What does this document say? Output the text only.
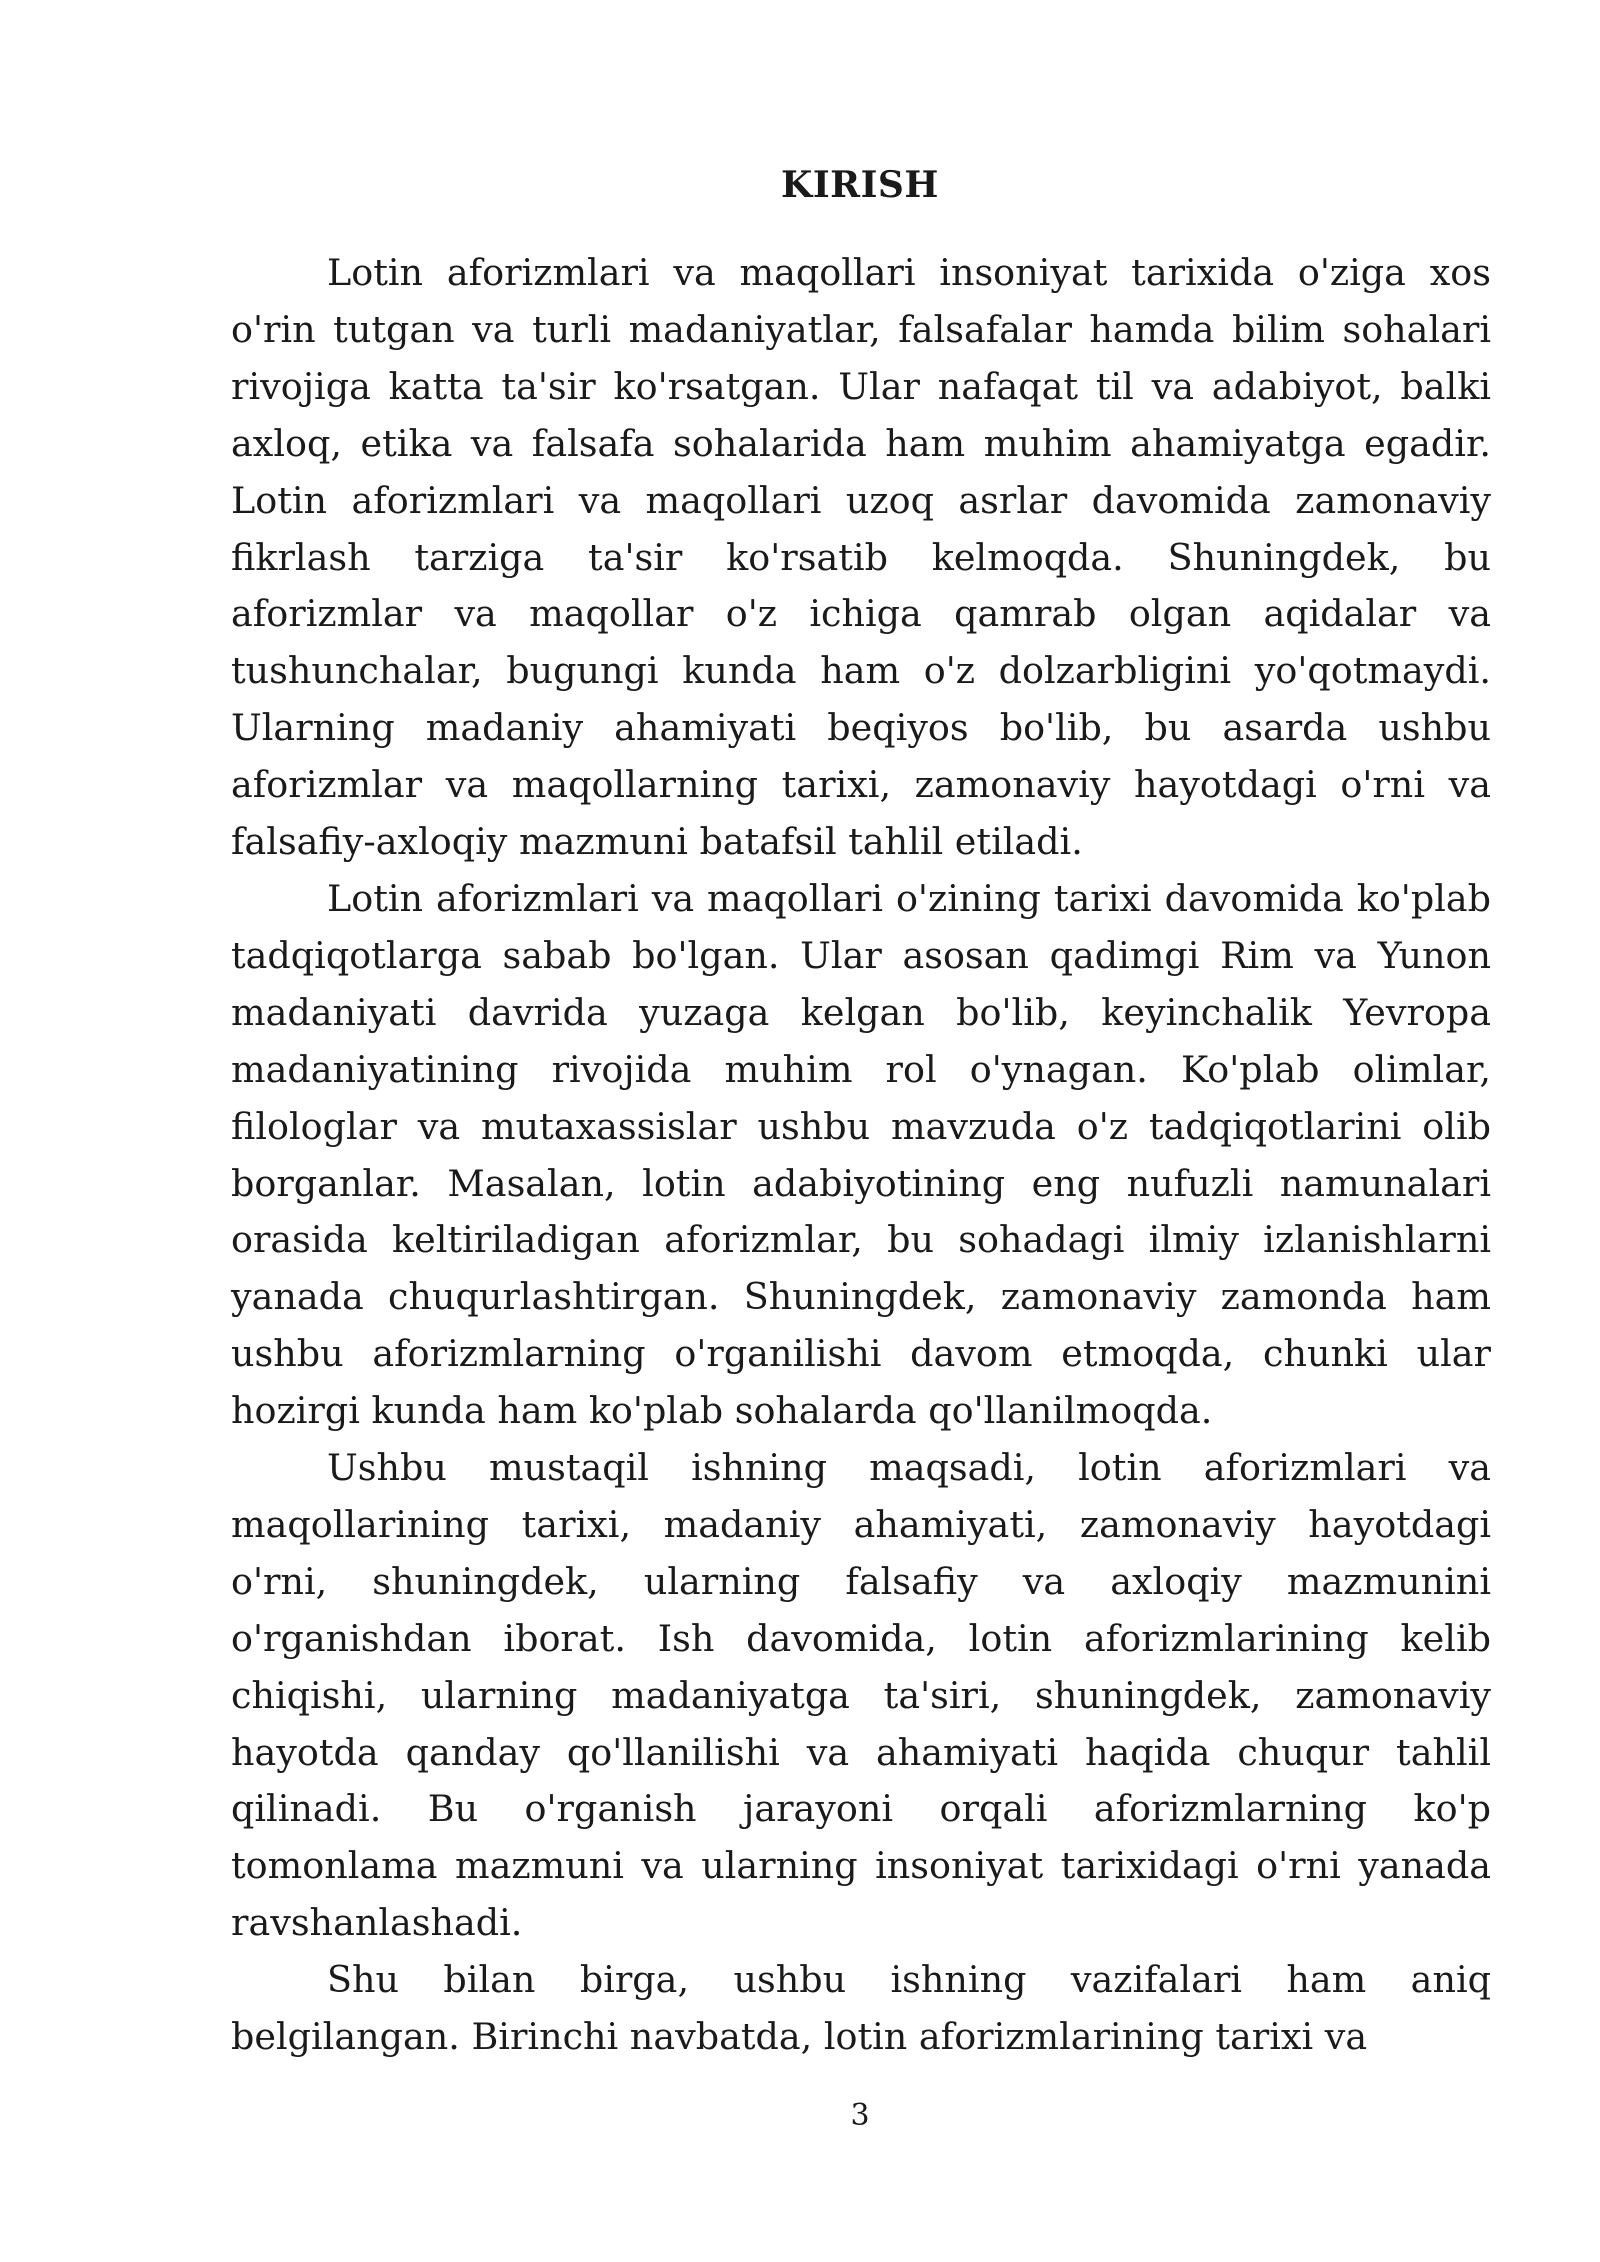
KIRISH

Lotin aforizmlari va maqollari insoniyat tarixida o'ziga xos o'rin tutgan va turli madaniyatlar, falsafalar hamda bilim sohalari rivojiga katta ta'sir ko'rsatgan. Ular nafaqat til va adabiyot, balki axloq, etika va falsafa sohalarida ham muhim ahamiyatga egadir. Lotin aforizmlari va maqollari uzoq asrlar davomida zamonaviy fikrlash tarziga ta'sir ko'rsatib kelmoqda. Shuningdek, bu aforizmlar va maqollar o'z ichiga qamrab olgan aqidalar va tushunchalar, bugungi kunda ham o'z dolzarbligini yo'qotmaydi. Ularning madaniy ahamiyati beqiyos bo'lib, bu asarda ushbu aforizmlar va maqollarning tarixi, zamonaviy hayotdagi o'rni va falsafiy-axloqiy mazmuni batafsil tahlil etiladi.

Lotin aforizmlari va maqollari o'zining tarixi davomida ko'plab tadqiqotlarga sabab bo'lgan. Ular asosan qadimgi Rim va Yunon madaniyati davrida yuzaga kelgan bo'lib, keyinchalik Yevropa madaniyatining rivojida muhim rol o'ynagan. Ko'plab olimlar, filologlar va mutaxassislar ushbu mavzuda o'z tadqiqotlarini olib borganlar. Masalan, lotin adabiyotining eng nufuzli namunalari orasida keltiriladigan aforizmlar, bu sohadagi ilmiy izlanishlarni yanada chuqurlashtirgan. Shuningdek, zamonaviy zamonda ham ushbu aforizmlarning o'rganilishi davom etmoqda, chunki ular hozirgi kunda ham ko'plab sohalarda qo'llanilmoqda.

Ushbu mustaqil ishning maqsadi, lotin aforizmlari va maqollarining tarixi, madaniy ahamiyati, zamonaviy hayotdagi o'rni, shuningdek, ularning falsafiy va axloqiy mazmunini o'rganishdan iborat. Ish davomida, lotin aforizmlarining kelib chiqishi, ularning madaniyatga ta'siri, shuningdek, zamonaviy hayotda qanday qo'llanilishi va ahamiyati haqida chuqur tahlil qilinadi. Bu o'rganish jarayoni orqali aforizmlarning ko'p tomonlama mazmuni va ularning insoniyat tarixidagi o'rni yanada ravshanlashadi.

Shu bilan birga, ushbu ishning vazifalari ham aniq belgilangan. Birinchi navbatda, lotin aforizmlarining tarixi va

3
